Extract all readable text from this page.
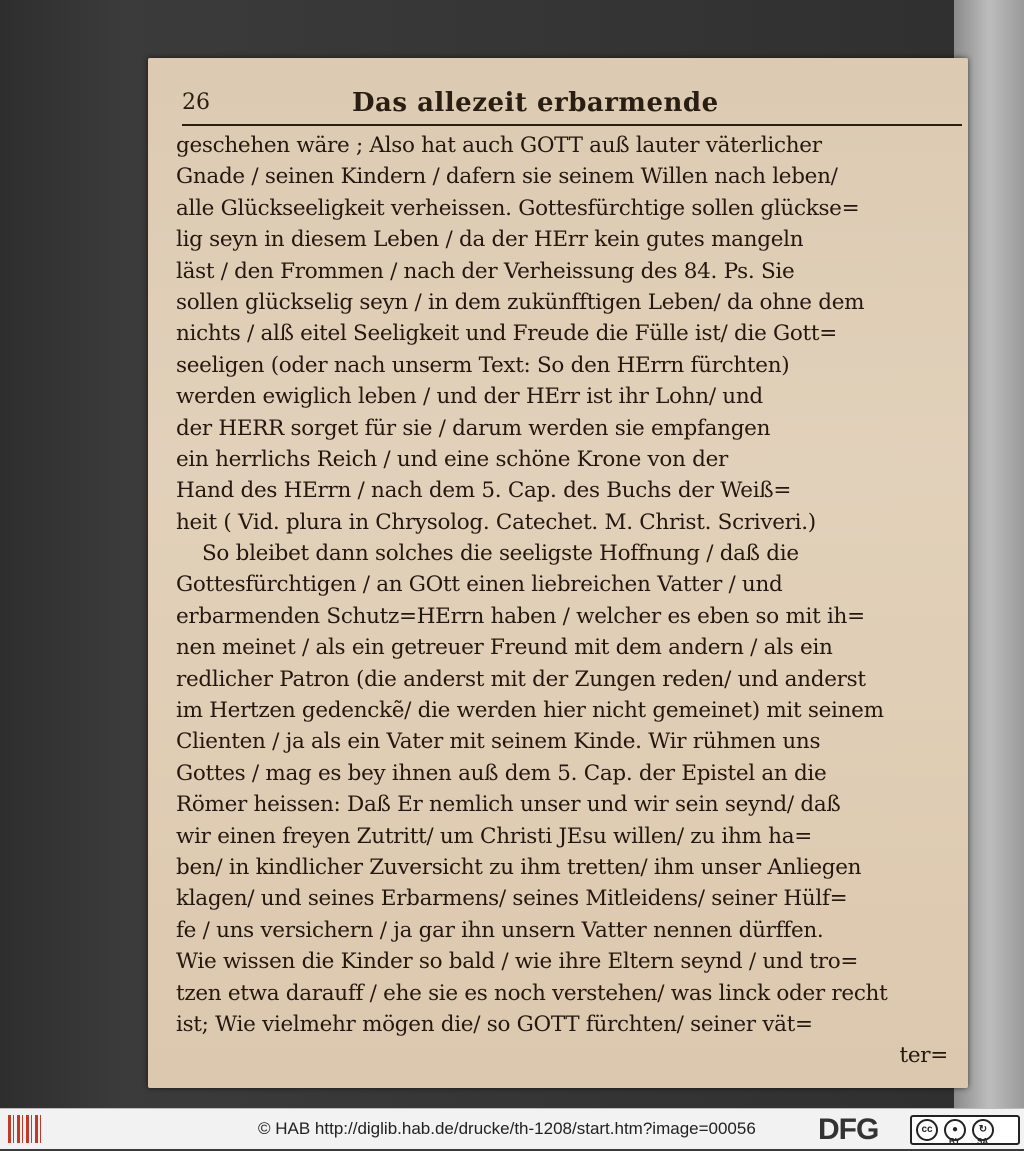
26	Das allezeit erbarmende
geschehen wäre ; Also hat auch GOTT auß lauter väterlicher
Gnade / seinen Kindern / dafern sie seinem Willen nach leben/
alle Glückseeligkeit verheissen. Gottesfürchtige sollen glückse=
lig seyn in diesem Leben / da der HErr kein gutes mangeln
läst / den Frommen / nach der Verheissung des 84. Ps. Sie
sollen glückselig seyn / in dem zukünfftigen Leben/ da ohne dem
nichts / alß eitel Seeligkeit und Freude die Fülle ist/ die Gott=
seeligen (oder nach unserm Text: So den HErrn fürchten)
werden ewiglich leben / und der HErr ist ihr Lohn/ und
der HERR sorget für sie / darum werden sie empfangen
ein herrlichs Reich / und eine schöne Krone von der
Hand des HErrn / nach dem 5. Cap. des Buchs der Weiß=
heit ( Vid. plura in Chrysolog. Catechet. M. Christ. Scriveri.)
So bleibet dann solches die seeligste Hoffnung / daß die
Gottesfürchtigen / an GOtt einen liebreichen Vatter / und
erbarmenden Schutz=HErrn haben / welcher es eben so mit ih=
nen meinet / als ein getreuer Freund mit dem andern / als ein
redlicher Patron (die anderst mit der Zungen reden/ und anderst
im Hertzen gedenckẽ/ die werden hier nicht gemeinet) mit seinem
Clienten / ja als ein Vater mit seinem Kinde. Wir rühmen uns
Gottes / mag es bey ihnen auß dem 5. Cap. der Epistel an die
Römer heissen: Daß Er nemlich unser und wir sein seynd/ daß
wir einen freyen Zutritt/ um Christi JEsu willen/ zu ihm ha=
ben/ in kindlicher Zuversicht zu ihm tretten/ ihm unser Anliegen
klagen/ und seines Erbarmens/ seines Mitleidens/ seiner Hülf=
fe / uns versichern / ja gar ihn unsern Vatter nennen dürffen.
Wie wissen die Kinder so bald / wie ihre Eltern seynd / und tro=
tzen etwa darauff / ehe sie es noch verstehen/ was linck oder recht
ist; Wie vielmehr mögen die/ so GOTT fürchten/ seiner vät=
ter=
© HAB http://diglib.hab.de/drucke/th-1208/start.htm?image=00056 DFG	cc	●
BY
↻
SA
